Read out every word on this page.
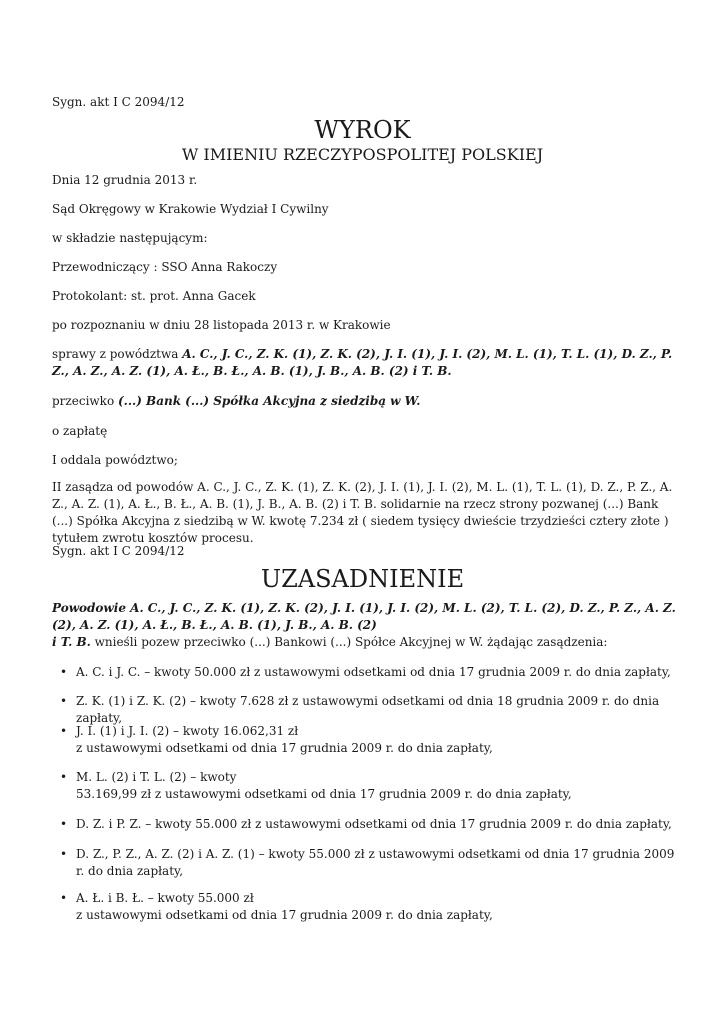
Sygn. akt I C 2094/12

WYROK

W IMIENIU RZECZYPOSPOLITEJ POLSKIEJ

Dnia 12 grudnia 2013 r.

Sąd Okręgowy w Krakowie Wydział I Cywilny

w składzie następującym:

Przewodniczący : SSO Anna Rakoczy

Protokolant: st. prot. Anna Gacek

po rozpoznaniu w dniu 28 listopada 2013 r. w Krakowie

sprawy z powództwa A. C., J. C., Z. K. (1), Z. K. (2), J. I. (1), J. I. (2), M. L. (1), T. L. (1), D. Z., P. Z., A. Z., A. Z. (1), A. Ł., B. Ł., A. B. (1), J. B., A. B. (2) i T. B.

przeciwko (...) Bank (...) Spółka Akcyjna z siedzibą w W.

o zapłatę

I oddala powództwo;

II zasądza od powodów A. C., J. C., Z. K. (1), Z. K. (2), J. I. (1), J. I. (2), M. L. (1), T. L. (1), D. Z., P. Z., A. Z., A. Z. (1), A. Ł., B. Ł., A. B. (1), J. B., A. B. (2) i T. B. solidarnie na rzecz strony pozwanej (...) Bank (...) Spółka Akcyjna z siedzibą w W. kwotę 7.234 zł ( siedem tysięcy dwieście trzydzieści cztery złote ) tytułem zwrotu kosztów procesu.

Sygn. akt I C 2094/12

UZASADNIENIE

Powodowie A. C., J. C., Z. K. (1), Z. K. (2), J. I. (1), J. I. (2), M. L. (2), T. L. (2), D. Z., P. Z., A. Z. (2), A. Z. (1), A. Ł., B. Ł., A. B. (1), J. B., A. B. (2)
i T. B. wnieśli pozew przeciwko (...) Bankowi (...) Spółce Akcyjnej w W. żądając zasądzenia:

• A. C. i J. C. – kwoty 50.000 zł z ustawowymi odsetkami od dnia 17 grudnia 2009 r. do dnia zapłaty,
• Z. K. (1) i Z. K. (2) – kwoty 7.628 zł z ustawowymi odsetkami od dnia 18 grudnia 2009 r. do dnia zapłaty,
• J. I. (1) i J. I. (2) – kwoty 16.062,31 zł
z ustawowymi odsetkami od dnia 17 grudnia 2009 r. do dnia zapłaty,
• M. L. (2) i T. L. (2) – kwoty
53.169,99 zł z ustawowymi odsetkami od dnia 17 grudnia 2009 r. do dnia zapłaty,
• D. Z. i P. Z. – kwoty 55.000 zł z ustawowymi odsetkami od dnia 17 grudnia 2009 r. do dnia zapłaty,
• D. Z., P. Z., A. Z. (2) i A. Z. (1) – kwoty 55.000 zł z ustawowymi odsetkami od dnia 17 grudnia 2009 r. do dnia zapłaty,
• A. Ł. i B. Ł. – kwoty 55.000 zł
z ustawowymi odsetkami od dnia 17 grudnia 2009 r. do dnia zapłaty,
